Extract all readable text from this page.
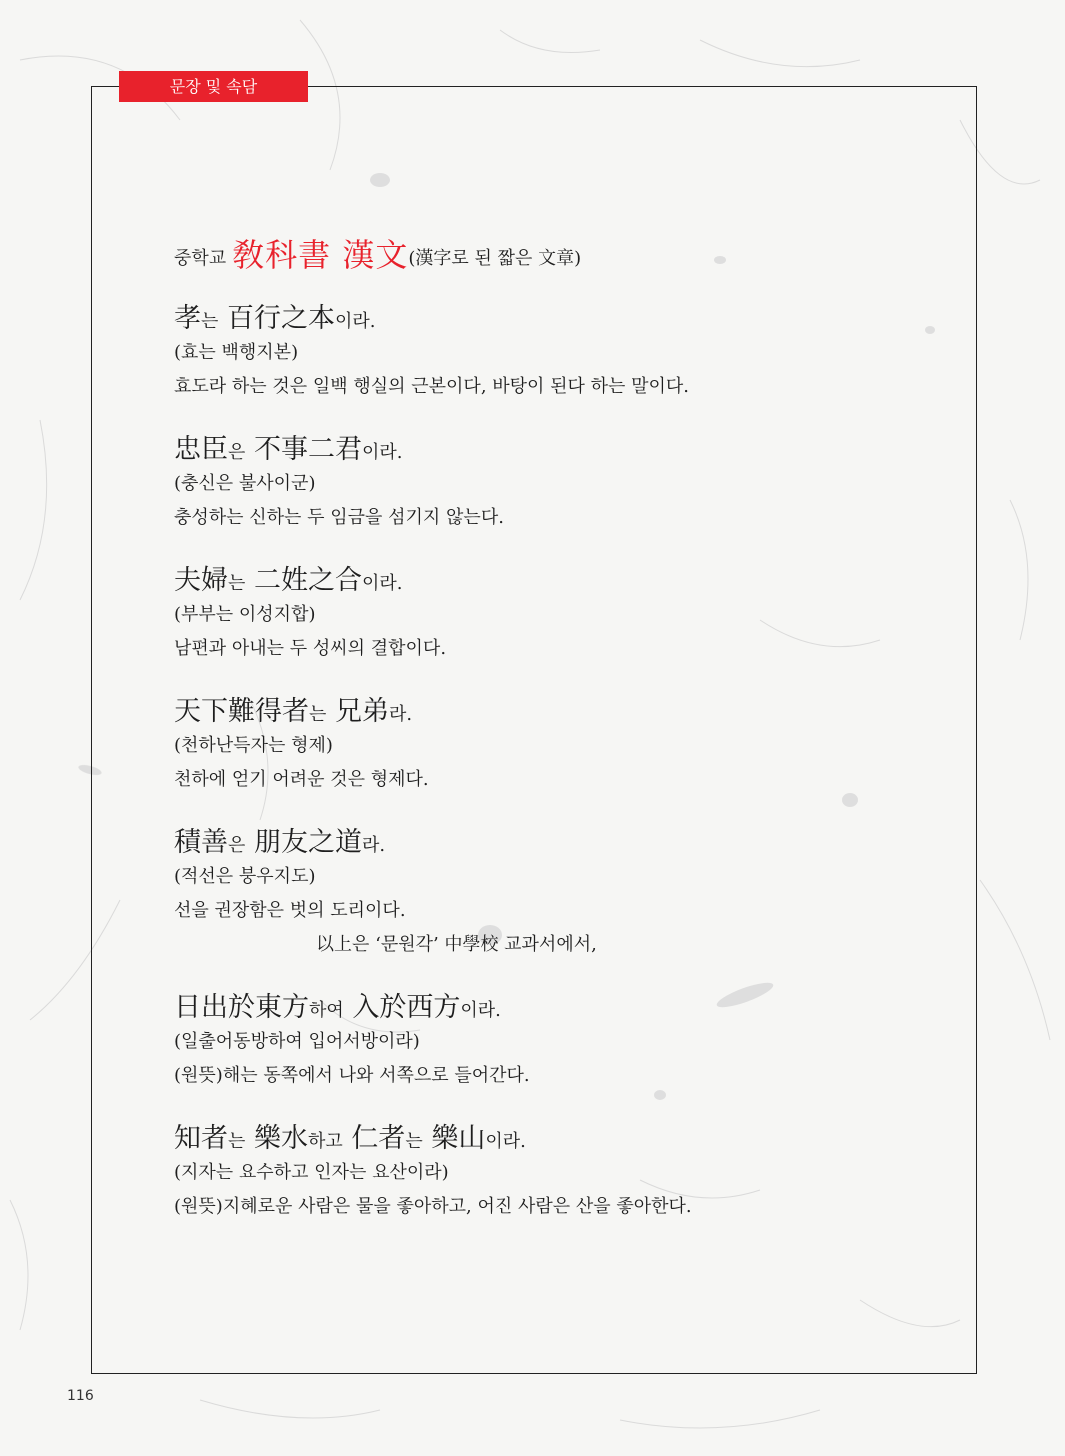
문장 및 속담
중학교 敎科書 漢文 (漢字로 된 짧은 文章)
孝는 百行之本이라.
(효는 백행지본)
효도라 하는 것은 일백 행실의 근본이다, 바탕이 된다 하는 말이다.
忠臣은 不事二君이라.
(충신은 불사이군)
충성하는 신하는 두 임금을 섬기지 않는다.
夫婦는 二姓之合이라.
(부부는 이성지합)
남편과 아내는 두 성씨의 결합이다.
天下難得者는 兄弟라.
(천하난득자는 형제)
천하에 얻기 어려운 것은 형제다.
積善은 朋友之道라.
(적선은 붕우지도)
선을 권장함은 벗의 도리이다.
以上은 ‘문원각’ 中學校 교과서에서,
日出於東方하여 入於西方이라.
(일출어동방하여 입어서방이라)
(원뜻)해는 동쪽에서 나와 서쪽으로 들어간다.
知者는 樂水하고 仁者는 樂山이라.
(지자는 요수하고 인자는 요산이라)
(원뜻)지혜로운 사람은 물을 좋아하고, 어진 사람은 산을 좋아한다.
116
